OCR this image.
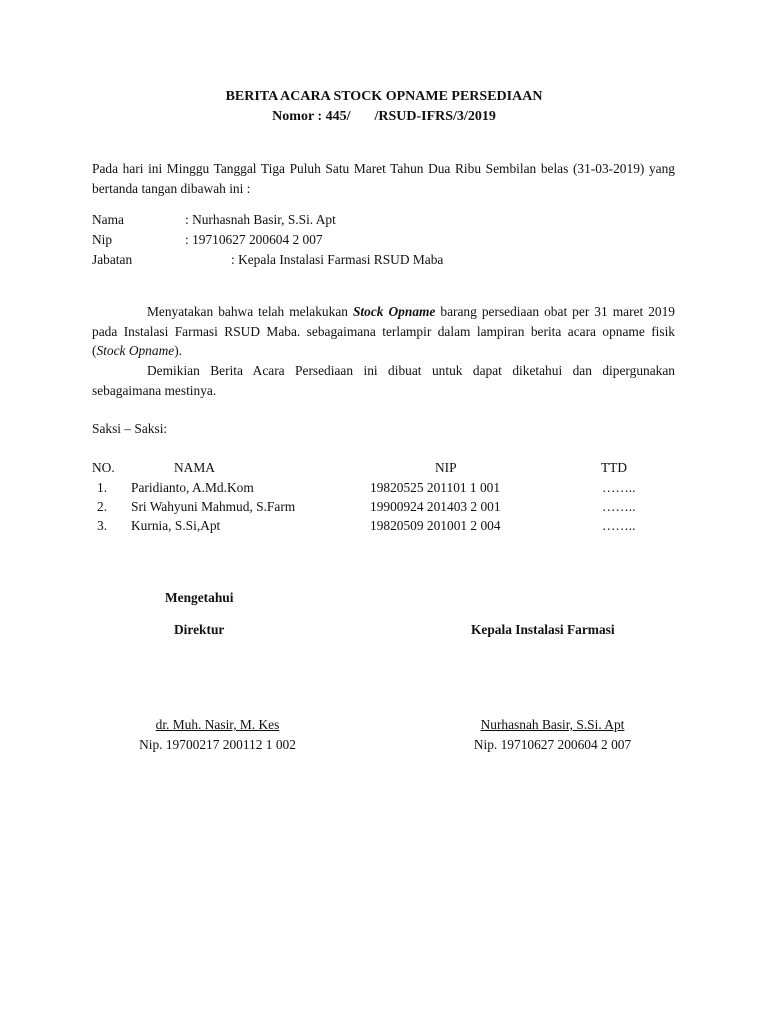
BERITA ACARA STOCK OPNAME PERSEDIAAN
Nomor : 445/ /RSUD-IFRS/3/2019
Pada hari ini Minggu Tanggal Tiga Puluh Satu Maret Tahun Dua Ribu Sembilan belas (31-03-2019) yang bertanda tangan dibawah ini :
Nama	: Nurhasnah Basir, S.Si. Apt
Nip	: 19710627 200604 2 007
Jabatan	: Kepala Instalasi Farmasi RSUD Maba
Menyatakan bahwa telah melakukan Stock Opname barang persediaan obat per 31 maret 2019 pada Instalasi Farmasi RSUD Maba. sebagaimana terlampir dalam lampiran berita acara opname fisik (Stock Opname).
Demikian Berita Acara Persediaan ini dibuat untuk dapat diketahui dan dipergunakan sebagaimana mestinya.
Saksi – Saksi:
NO.	NAMA	NIP	TTD
1. Paridianto, A.Md.Kom	19820525 201101 1 001	……..
2. Sri Wahyuni Mahmud, S.Farm	19900924 201403 2 001	……..
3. Kurnia, S.Si,Apt	19820509 201001 2 004	……..
Mengetahui
Direktur	Kepala Instalasi Farmasi
dr. Muh. Nasir, M. Kes
Nip. 19700217 200112 1 002
Nurhasnah Basir, S.Si. Apt
Nip. 19710627 200604 2 007
